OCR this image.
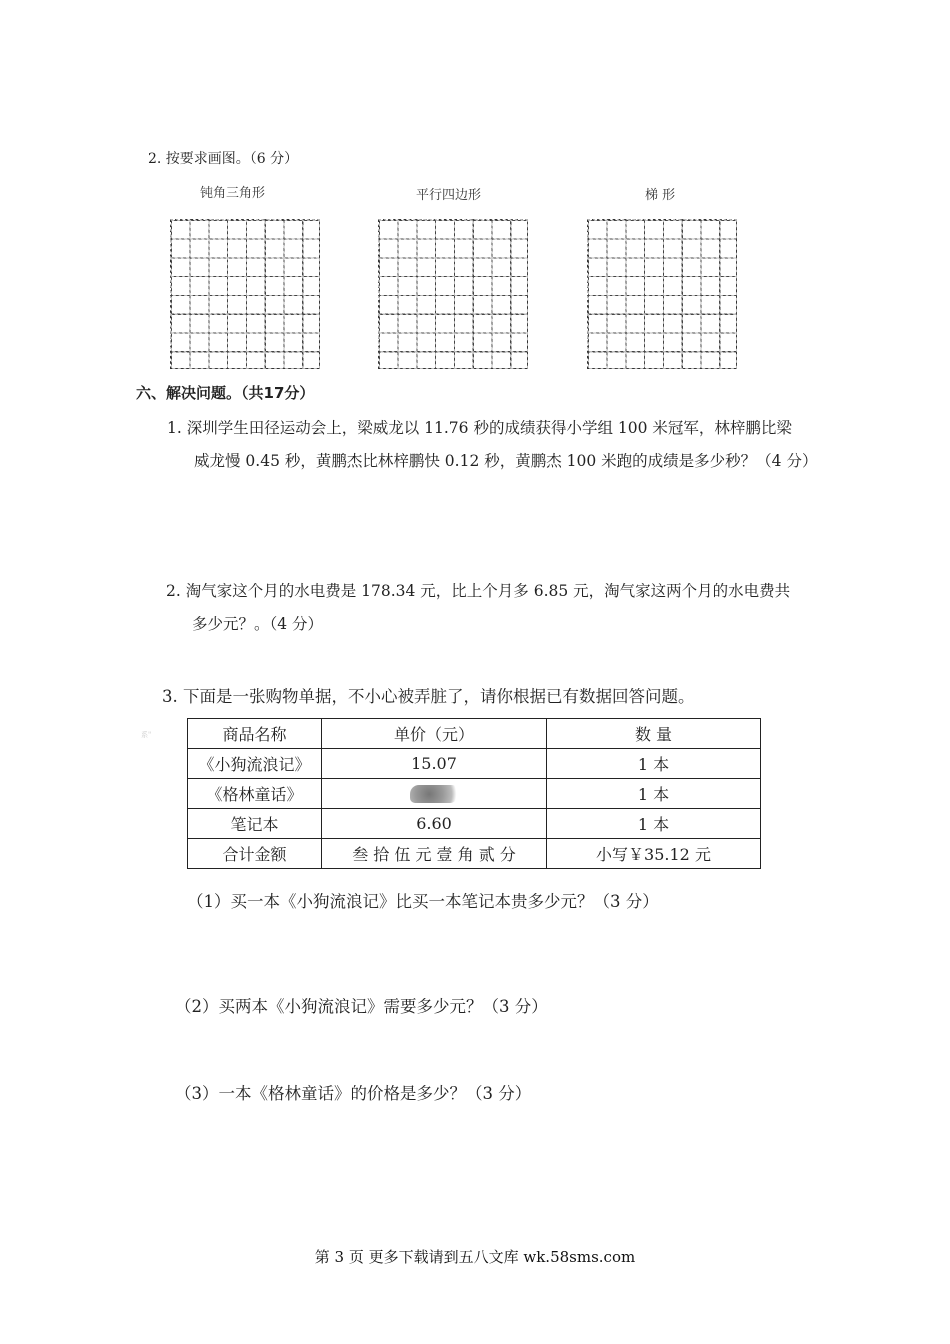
2. 按要求画图。（6 分）
钝角三角形	平行四边形	梯 形
六、解决问题。（共17分）
1. 深圳学生田径运动会上，梁威龙以 11.76 秒的成绩获得小学组 100 米冠军，林梓鹏比梁
威龙慢 0.45 秒，黄鹏杰比林梓鹏快 0.12 秒，黄鹏杰 100 米跑的成绩是多少秒？（4 分）
2. 淘气家这个月的水电费是 178.34 元，比上个月多 6.85 元，淘气家这两个月的水电费共
多少元？。（4 分）
3. 下面是一张购物单据，不小心被弄脏了，请你根据已有数据回答问题。
系"	商品名称	单价（元）	数 量
《小狗流浪记》	15.07	1 本
《格林童话》		1 本
笔记本	6.60	1 本
合计金额	叁 拾 伍 元 壹 角 贰 分	小写￥35.12 元
（1）买一本《小狗流浪记》比买一本笔记本贵多少元？（3 分）
（2）买两本《小狗流浪记》需要多少元？（3 分）
（3）一本《格林童话》的价格是多少？（3 分）
第 3 页 更多下载请到五八文库 wk.58sms.com
